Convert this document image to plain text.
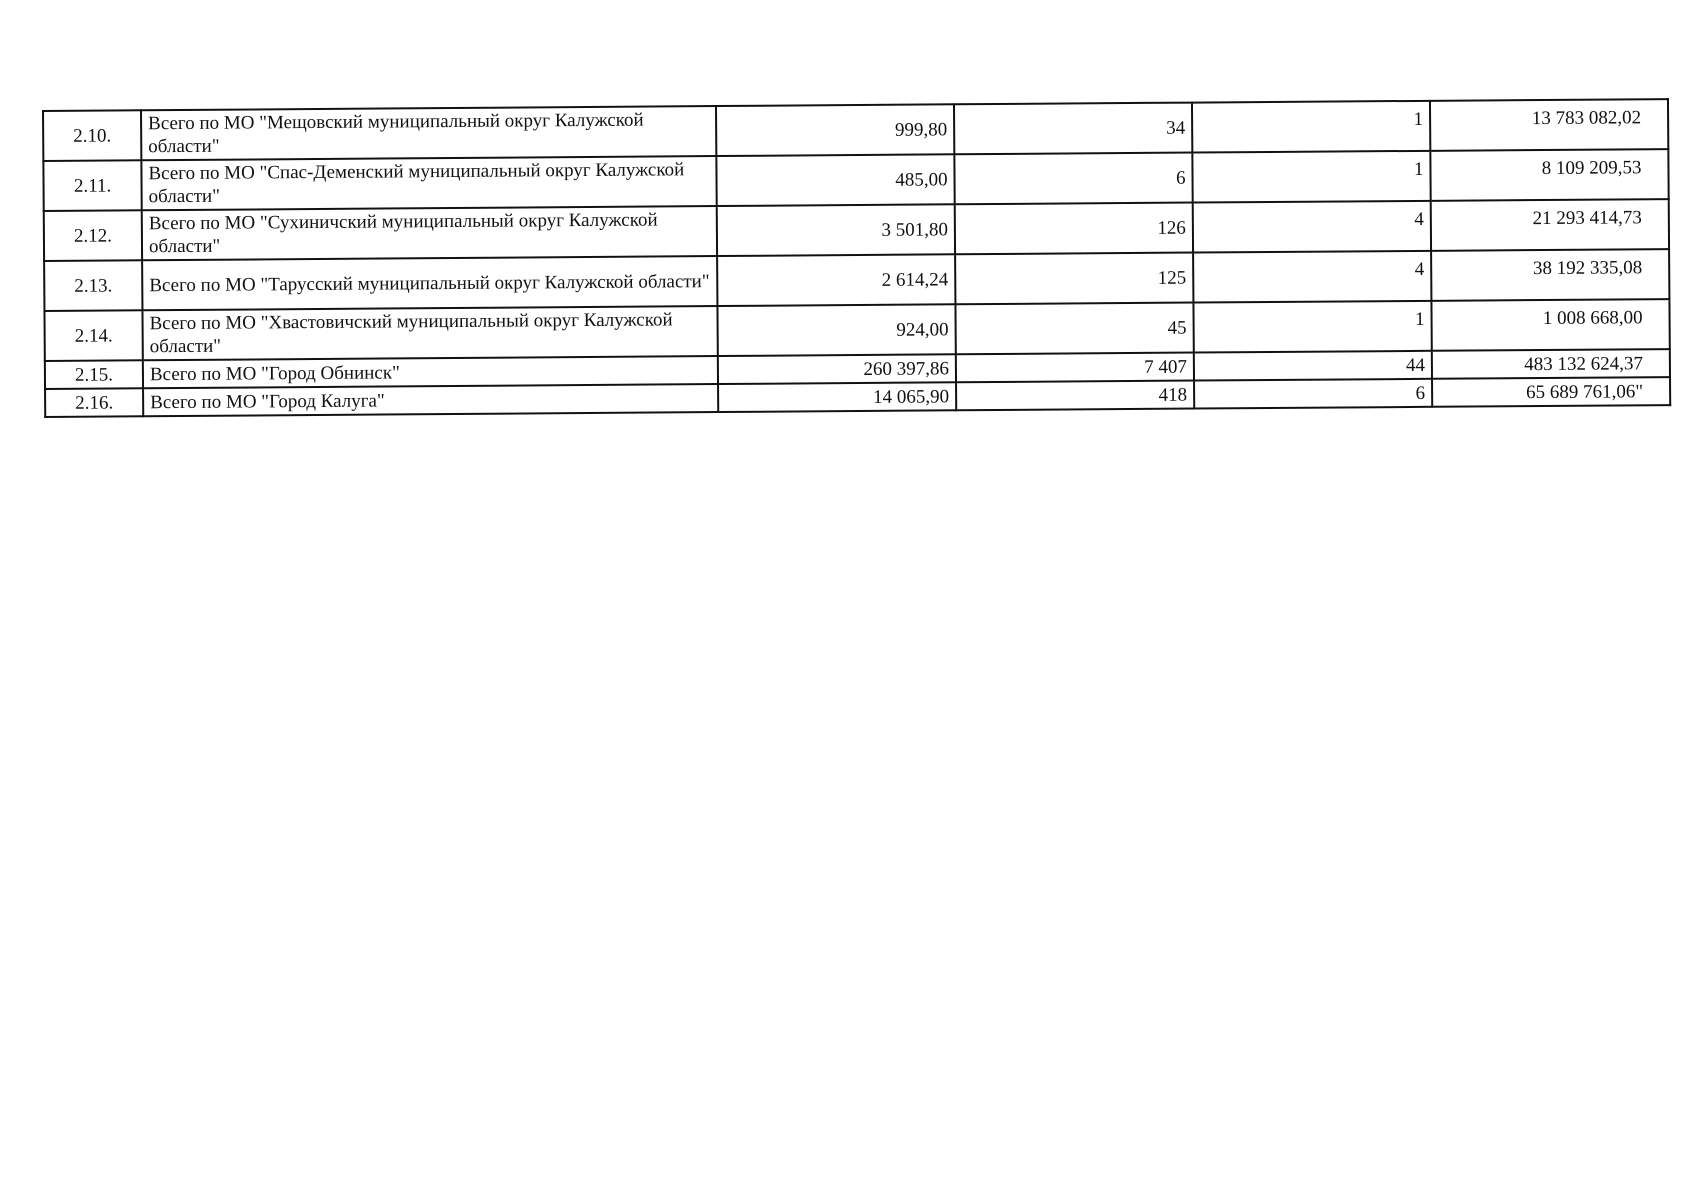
2.10.	Всего по МО "Мещовский муниципальный округ Калужской области"	999,80	34	1	13 783 082,02

2.11.	Всего по МО "Спас-Деменский муниципальный округ Калужской области"	485,00	6	1	8 109 209,53

2.12.	Всего по МО "Сухиничский муниципальный округ Калужской области"	3 501,80	126	4	21 293 414,73

2.13.	Всего по МО "Тарусский муниципальный округ Калужской области"	2 614,24	125	4	38 192 335,08

2.14.	Всего по МО "Хвастовичский муниципальный округ Калужской области"	924,00	45	1	1 008 668,00

2.15.	Всего по МО "Город Обнинск"	260 397,86	7 407	44	483 132 624,37
2.16.	Всего по МО "Город Калуга"	14 065,90	418	6	65 689 761,06"
